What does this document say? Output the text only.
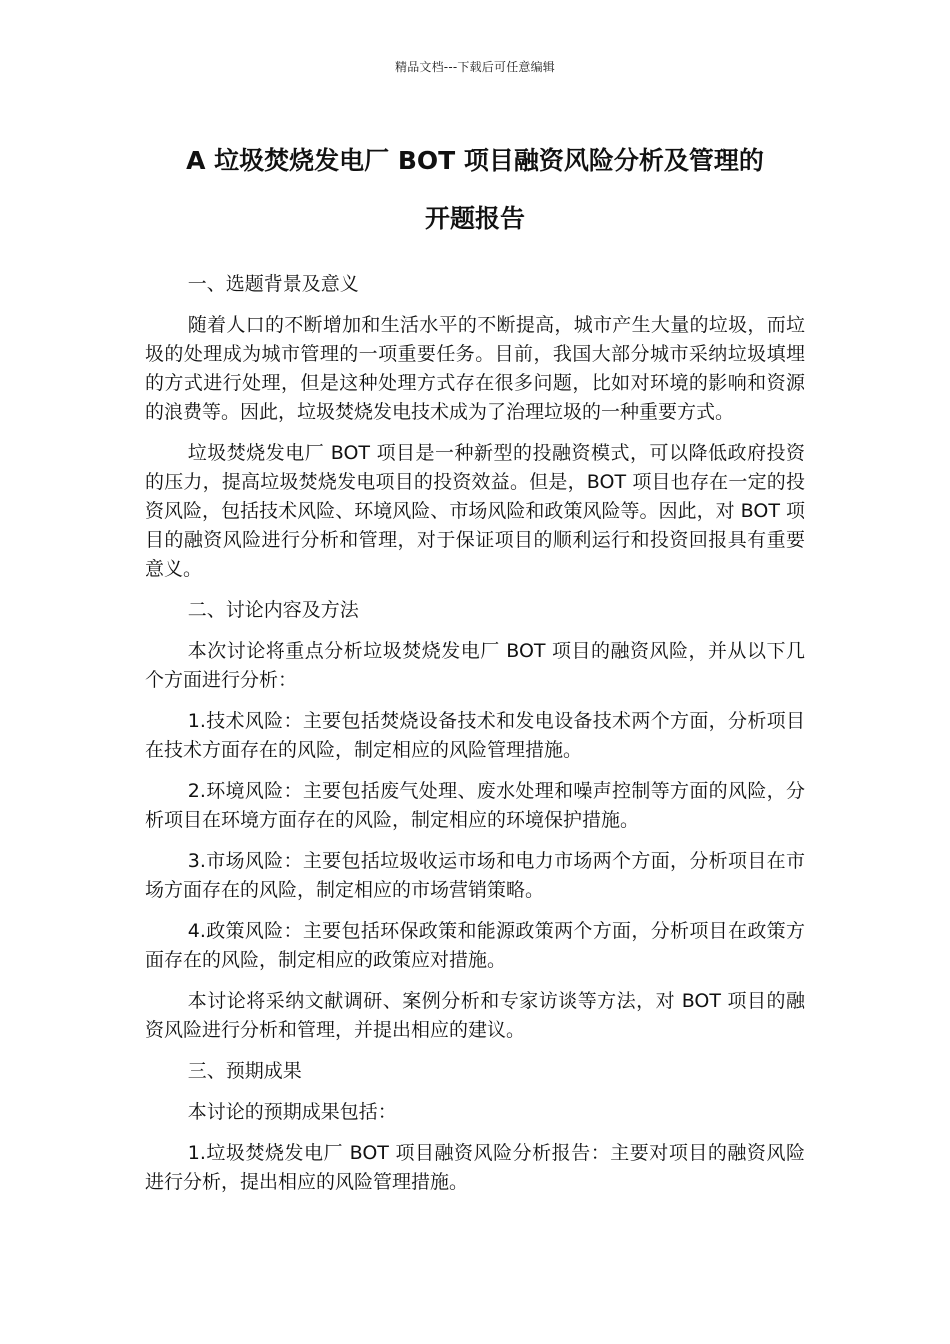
精品文档---下载后可任意编辑
A 垃圾焚烧发电厂 BOT 项目融资风险分析及管理的
开题报告

一、选题背景及意义

随着人口的不断增加和生活水平的不断提高，城市产生大量的垃圾，而垃圾的处理成为城市管理的一项重要任务。目前，我国大部分城市采纳垃圾填埋的方式进行处理，但是这种处理方式存在很多问题，比如对环境的影响和资源的浪费等。因此，垃圾焚烧发电技术成为了治理垃圾的一种重要方式。

垃圾焚烧发电厂 BOT 项目是一种新型的投融资模式，可以降低政府投资的压力，提高垃圾焚烧发电项目的投资效益。但是，BOT 项目也存在一定的投资风险，包括技术风险、环境风险、市场风险和政策风险等。因此，对 BOT 项目的融资风险进行分析和管理，对于保证项目的顺利运行和投资回报具有重要意义。

二、讨论内容及方法

本次讨论将重点分析垃圾焚烧发电厂 BOT 项目的融资风险，并从以下几个方面进行分析：

1.技术风险：主要包括焚烧设备技术和发电设备技术两个方面，分析项目在技术方面存在的风险，制定相应的风险管理措施。

2.环境风险：主要包括废气处理、废水处理和噪声控制等方面的风险，分析项目在环境方面存在的风险，制定相应的环境保护措施。

3.市场风险：主要包括垃圾收运市场和电力市场两个方面，分析项目在市场方面存在的风险，制定相应的市场营销策略。

4.政策风险：主要包括环保政策和能源政策两个方面，分析项目在政策方面存在的风险，制定相应的政策应对措施。

本讨论将采纳文献调研、案例分析和专家访谈等方法，对 BOT 项目的融资风险进行分析和管理，并提出相应的建议。

三、预期成果

本讨论的预期成果包括：

1.垃圾焚烧发电厂 BOT 项目融资风险分析报告：主要对项目的融资风险进行分析，提出相应的风险管理措施。
